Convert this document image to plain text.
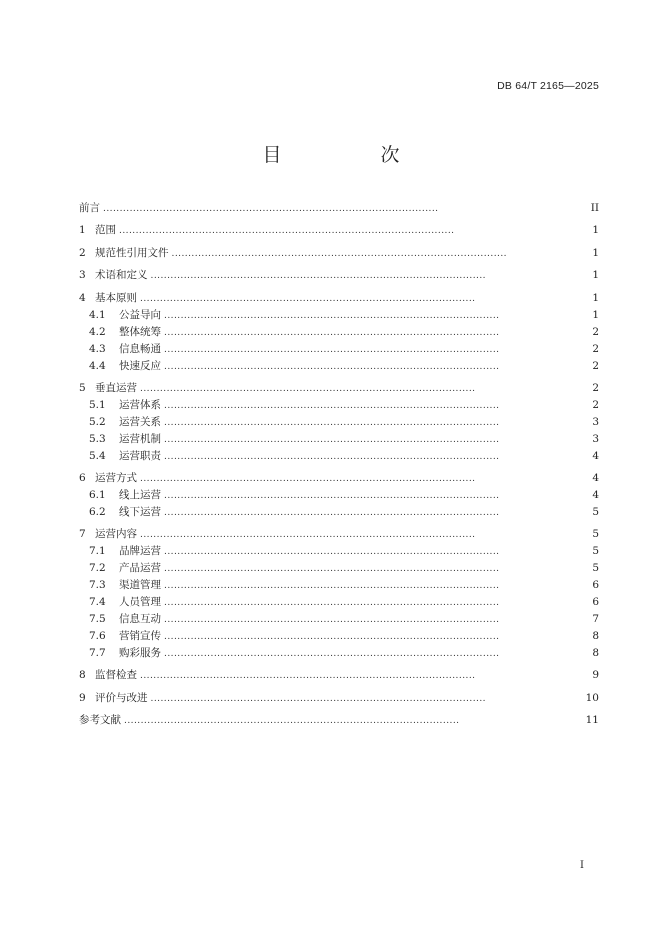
DB 64/T 2165—2025
目　次
前言 . . .	II
1 范围 . . .	1
2 规范性引用文件 . . .	1
3 术语和定义 . . .	1
4 基本原则 . . .	1
4.1	公益导向 . . .	1
4.2	整体统筹 . . .	2
4.3	信息畅通 . . .	2
4.4	快速反应 . . .	2
5 垂直运营 . . .	2
5.1	运营体系 . . .	2
5.2	运营关系 . . .	3
5.3	运营机制 . . .	3
5.4	运营职责 . . .	4
6 运营方式 . . .	4
6.1	线上运营 . . .	4
6.2	线下运营 . . .	5
7 运营内容 . . .	5
7.1	品牌运营 . . .	5
7.2	产品运营 . . .	5
7.3	渠道管理 . . .	6
7.4	人员管理 . . .	6
7.5	信息互动 . . .	7
7.6	营销宣传 . . .	8
7.7	购彩服务 . . .	8
8 监督检查 . . .	9
9 评价与改进 . . .	10
参考文献 . . .	11
I
